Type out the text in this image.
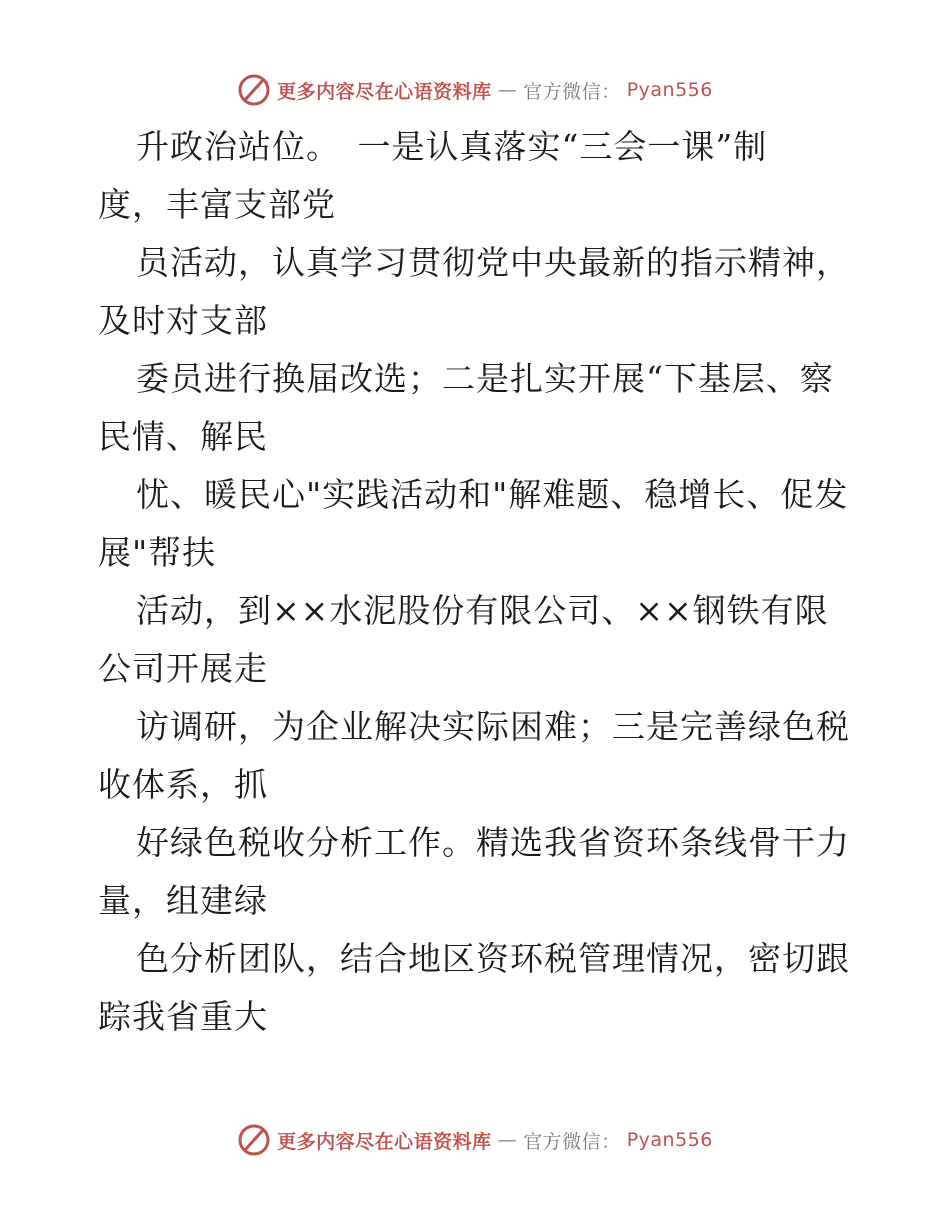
更多内容尽在心语资料库 — 官方微信： Pyan556
升政治站位。　一是认真落实“三会一课”制
度，丰富支部党
员活动，认真学习贯彻党中央最新的指示精神，
及时对支部
委员进行换届改选；二是扎实开展“下基层、察
民情、解民
忧、暖民心"实践活动和"解难题、稳增长、促发
展"帮扶
活动，到××水泥股份有限公司、××钢铁有限
公司开展走
访调研，为企业解决实际困难；三是完善绿色税
收体系，抓
好绿色税收分析工作。精选我省资环条线骨干力
量，组建绿
色分析团队，结合地区资环税管理情况，密切跟
踪我省重大
更多内容尽在心语资料库 — 官方微信： Pyan556
